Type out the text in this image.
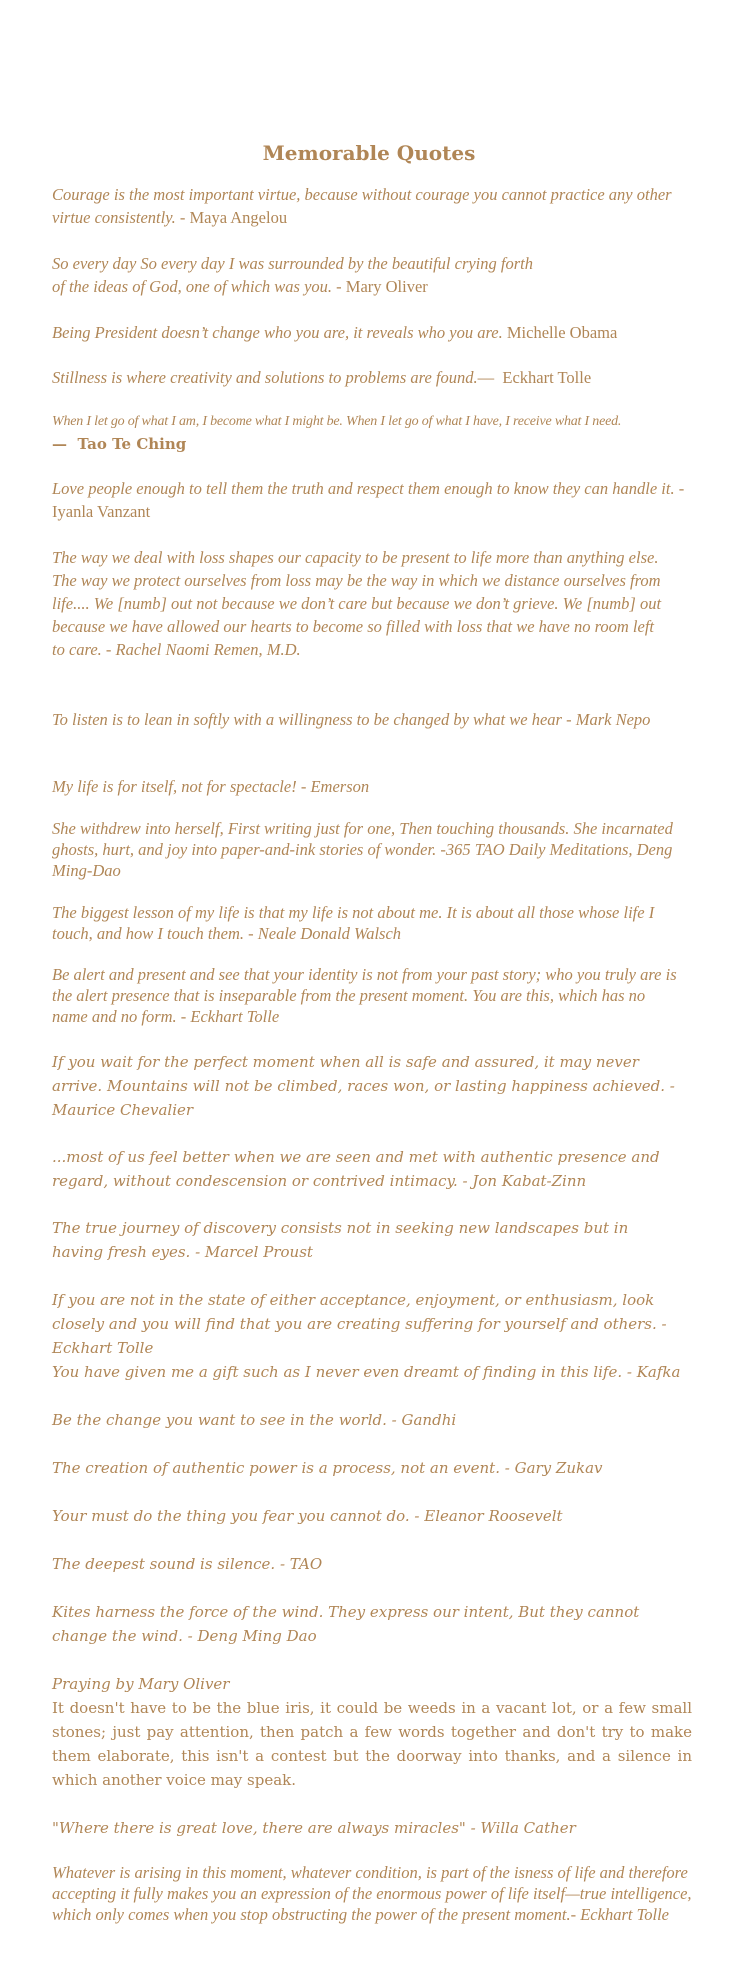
Memorable Quotes

Courage is the most important virtue, because without courage you cannot practice any other virtue consistently. - Maya Angelou

So every day So every day I was surrounded by the beautiful crying forth
of the ideas of God, one of which was you. - Mary Oliver

Being President doesn’t change who you are, it reveals who you are. Michelle Obama

Stillness is where creativity and solutions to problems are found.—  Eckhart Tolle

When I let go of what I am, I become what I might be. When I let go of what I have, I receive what I need.
—  Tao Te Ching

Love people enough to tell them the truth and respect them enough to know they can handle it. - Iyanla Vanzant

The way we deal with loss shapes our capacity to be present to life more than anything else. The way we protect ourselves from loss may be the way in which we distance ourselves from life.... We [numb] out not because we don’t care but because we don’t grieve. We [numb] out because we have allowed our hearts to become so filled with loss that we have no room left to care. - Rachel Naomi Remen, M.D.

To listen is to lean in softly with a willingness to be changed by what we hear - Mark Nepo

My life is for itself, not for spectacle! - Emerson

She withdrew into herself, First writing just for one, Then touching thousands. She incarnated ghosts, hurt, and joy into paper-and-ink stories of wonder. -365 TAO Daily Meditations, Deng Ming-Dao

The biggest lesson of my life is that my life is not about me. It is about all those whose life I touch, and how I touch them. - Neale Donald Walsch

Be alert and present and see that your identity is not from your past story; who you truly are is the alert presence that is inseparable from the present moment. You are this, which has no name and no form. - Eckhart Tolle

If you wait for the perfect moment when all is safe and assured, it may never arrive. Mountains will not be climbed, races won, or lasting happiness achieved. - Maurice Chevalier

...most of us feel better when we are seen and met with authentic presence and regard, without condescension or contrived intimacy. - Jon Kabat-Zinn

The true journey of discovery consists not in seeking new landscapes but in having fresh eyes. - Marcel Proust

If you are not in the state of either acceptance, enjoyment, or enthusiasm, look closely and you will find that you are creating suffering for yourself and others. - Eckhart Tolle

You have given me a gift such as I never even dreamt of finding in this life. - Kafka

Be the change you want to see in the world. - Gandhi

The creation of authentic power is a process, not an event. - Gary Zukav

Your must do the thing you fear you cannot do. - Eleanor Roosevelt

The deepest sound is silence. - TAO

Kites harness the force of the wind. They express our intent, But they cannot change the wind. - Deng Ming Dao

Praying by Mary Oliver
It doesn't have to be the blue iris, it could be weeds in a vacant lot, or a few small stones; just pay attention, then patch a few words together and don't try to make them elaborate, this isn't a contest but the doorway into thanks, and a silence in which another voice may speak.

"Where there is great love, there are always miracles" - Willa Cather

Whatever is arising in this moment, whatever condition, is part of the isness of life and therefore accepting it fully makes you an expression of the enormous power of life itself—true intelligence, which only comes when you stop obstructing the power of the present moment.- Eckhart Tolle
